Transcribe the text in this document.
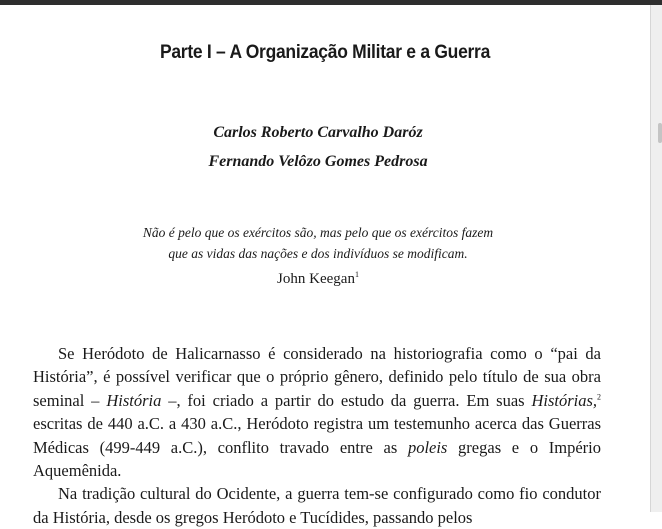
Parte I – A Organização Militar e a Guerra
Carlos Roberto Carvalho Daróz
Fernando Velôzo Gomes Pedrosa
Não é pelo que os exércitos são, mas pelo que os exércitos fazem
que as vidas das nações e dos indivíduos se modificam.
John Keegan$^1$

Se Heródoto de Halicarnasso é considerado na historiografia como o “pai da História”, é possível verificar que o próprio gênero, definido pelo título de sua obra seminal – História –, foi criado a partir do estudo da guerra. Em suas Histórias,$^2$ escritas de 440 a.C. a 430 a.C., Heródoto registra um testemunho acerca das Guerras Médicas (499-449 a.C.), conflito travado entre as poleis gregas e o Império Aquemênida.

Na tradição cultural do Ocidente, a guerra tem-se configurado como fio condutor da História, desde os gregos Heródoto e Tucídides, passando pelos
